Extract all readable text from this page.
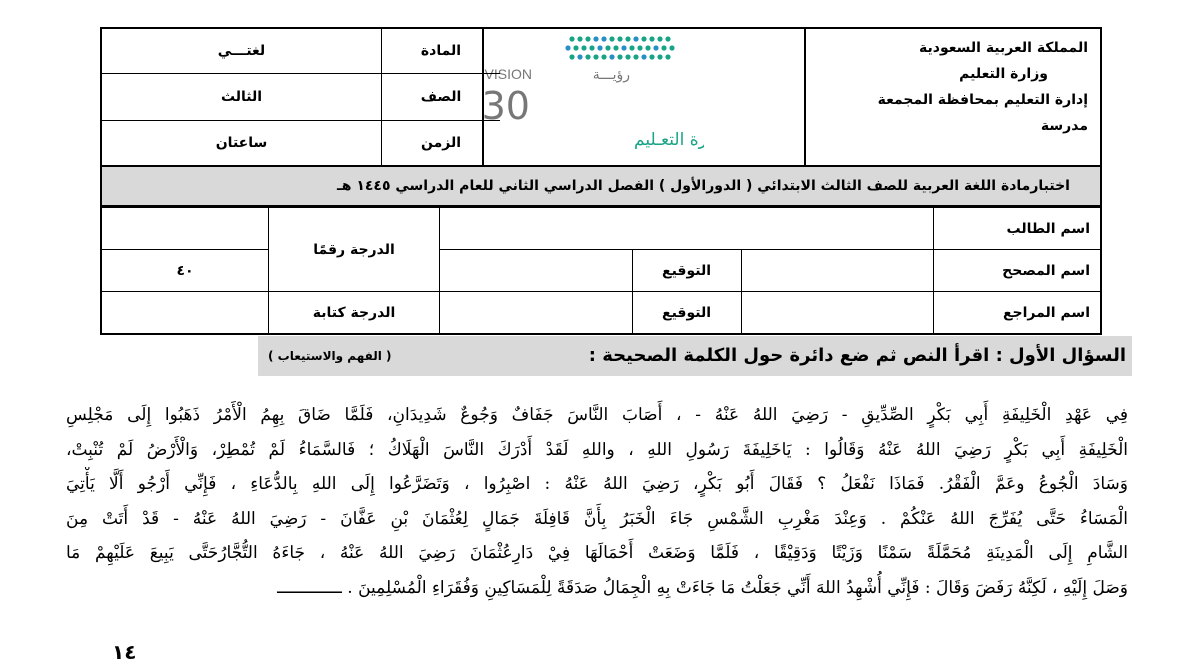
المملكة العربية السعودية
وزارة التعليم
إدارة التعليم بمحافظة المجمعة
مدرسة
VISION	رؤيـــة
30
رة التعـليم
المادة	لغتـــي
الصف	الثالث
الزمن	ساعتان
اختبارمادة اللغة العربية للصف الثالث الابتدائي ( الدورالأول ) الفصل الدراسي الثاني للعام الدراسي ١٤٤٥ هـ
اسم الطالب				الدرجة رقمًا	
اسم المصحح		التوقيع			٤٠
اسم المراجع		التوقيع		الدرجة كتابة	
السؤال الأول : اقرأ النص ثم ضع دائرة حول الكلمة الصحيحة :
( الفهم والاستيعاب )
فِي عَهْدِ الْخَلِيفَةِ أَبِي بَكْرٍ الصِّدِّيقِ - رَضِيَ اللهُ عَنْهُ - ، أَصَابَ النَّاسَ جَفَافٌ وَجُوعٌ شَدِيدَانِ، فَلَمَّا ضَاقَ بِهِمُ الْأَمْرُ ذَهَبُوا إِلَى مَجْلِسِ
الْخَلِيفَةِ أَبِي بَكْرٍ رَضِيَ اللهُ عَنْهُ وَقَالُوا : يَاخَلِيفَةَ رَسُولِ اللهِ ، واللهِ لَقَدْ أَدْرَكَ النَّاسَ الْهَلَاكُ ؛ فَالسَّمَاءُ لَمْ تُمْطِرْ، وَالْأَرْضُ لَمْ تُنْبِتْ،
وَسَادَ الْجُوعُ وعَمَّ الْفَقْرُ. فَمَاذَا نَفْعَلُ ؟ فَقَالَ أَبُو بَكْرٍ، رَضِيَ اللهُ عَنْهُ : اصْبِرُوا ، وَتَضَرَّعُوا إِلَى اللهِ بِالدُّعَاءِ ، فَإِنِّي أَرْجُو أَلَّا يَأْتِيَ
الْمَسَاءُ حَتَّى يُفَرِّجَ اللهُ عَنْكُمْ . وَعِنْدَ مَغْرِبِ الشَّمْسِ جَاءَ الْخَبَرُ بِأَنَّ قَافِلَةَ جَمَالٍ لِعُثْمَانَ بْنِ عَفَّانَ - رَضِيَ اللهُ عَنْهُ - قَدْ أَتَتْ مِنَ
الشَّامِ إِلَى الْمَدِينَةِ مُحَمَّلَةً سَمْنًا وَزَيْتًا وَدَقِيْقًا ، فَلَمَّا وَضَعَتْ أَحْمَالَهَا فِيْ دَارِعُثْمَانَ رَضِيَ اللهُ عَنْهُ ، جَاءَهُ التُّجَّارُحَتَّى يَبِيعَ عَلَيْهِمْ مَا
وَصَلَ إِلَيْهِ ، لَكِنَّهُ رَفَضَ وَقَالَ : فَإِنِّي أُشْهِدُ اللهَ أَنِّي جَعَلْتُ مَا جَاءَتْ بِهِ الْجِمَالُ صَدَقَةً لِلْمَسَاكِينِ وَفُقَرَاءِ الْمُسْلِمِينَ . ـــــــــــــ
١٤
